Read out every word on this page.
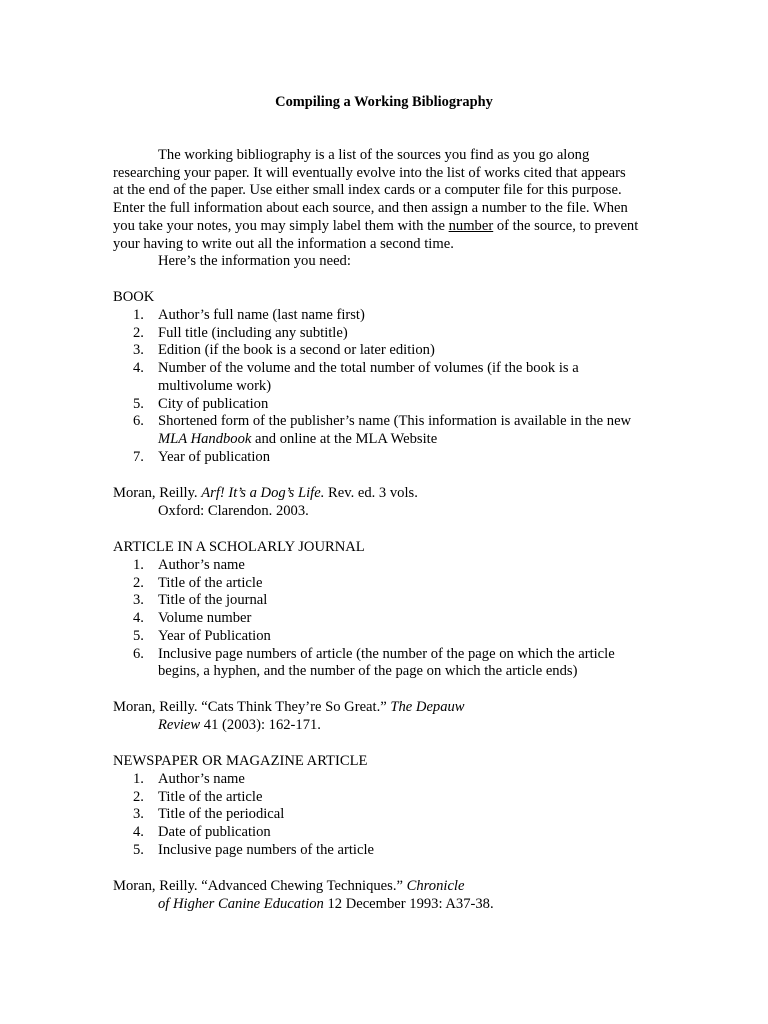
Compiling a Working Bibliography
The working bibliography is a list of the sources you find as you go along
researching your paper. It will eventually evolve into the list of works cited that appears
at the end of the paper. Use either small index cards or a computer file for this purpose.
Enter the full information about each source, and then assign a number to the file. When
you take your notes, you may simply label them with the number of the source, to prevent
your having to write out all the information a second time.
Here’s the information you need:
BOOK
1. Author’s full name (last name first)
2. Full title (including any subtitle)
3. Edition (if the book is a second or later edition)
4. Number of the volume and the total number of volumes (if the book is a
multivolume work)
5. City of publication
6. Shortened form of the publisher’s name (This information is available in the new
MLA Handbook and online at the MLA Website
7. Year of publication
Moran, Reilly. Arf! It’s a Dog’s Life. Rev. ed. 3 vols.
Oxford: Clarendon. 2003.
ARTICLE IN A SCHOLARLY JOURNAL
1. Author’s name
2. Title of the article
3. Title of the journal
4. Volume number
5. Year of Publication
6. Inclusive page numbers of article (the number of the page on which the article
begins, a hyphen, and the number of the page on which the article ends)
Moran, Reilly. “Cats Think They’re So Great.” The Depauw
Review 41 (2003): 162-171.
NEWSPAPER OR MAGAZINE ARTICLE
1. Author’s name
2. Title of the article
3. Title of the periodical
4. Date of publication
5. Inclusive page numbers of the article
Moran, Reilly. “Advanced Chewing Techniques.” Chronicle
of Higher Canine Education 12 December 1993: A37-38.
